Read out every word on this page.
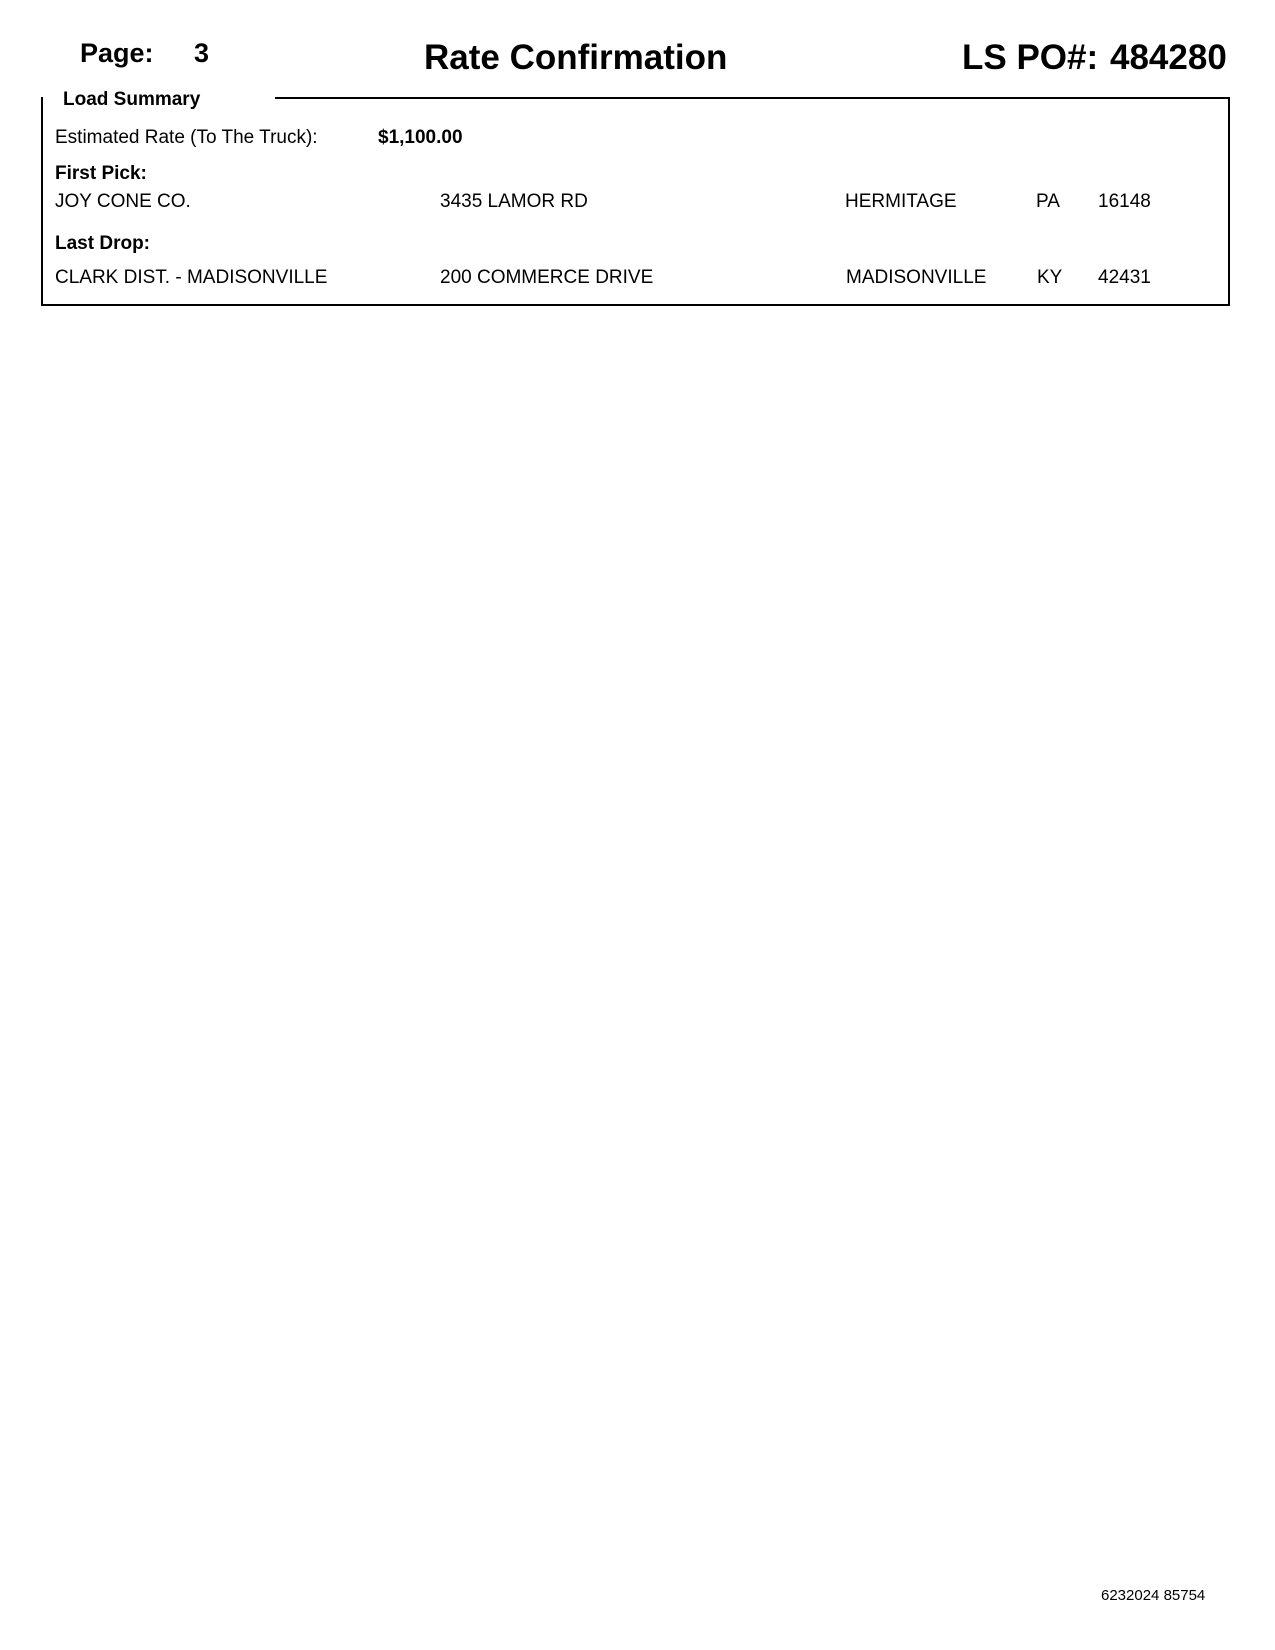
Page: 3	Rate Confirmation	LS PO#: 484280
Load Summary
Estimated Rate (To The Truck):	$1,100.00
First Pick:
JOY CONE CO.	3435 LAMOR RD	HERMITAGE	PA 16148
Last Drop:
CLARK DIST. - MADISONVILLE	200 COMMERCE DRIVE	MADISONVILLE	KY 42431
6232024 85754
